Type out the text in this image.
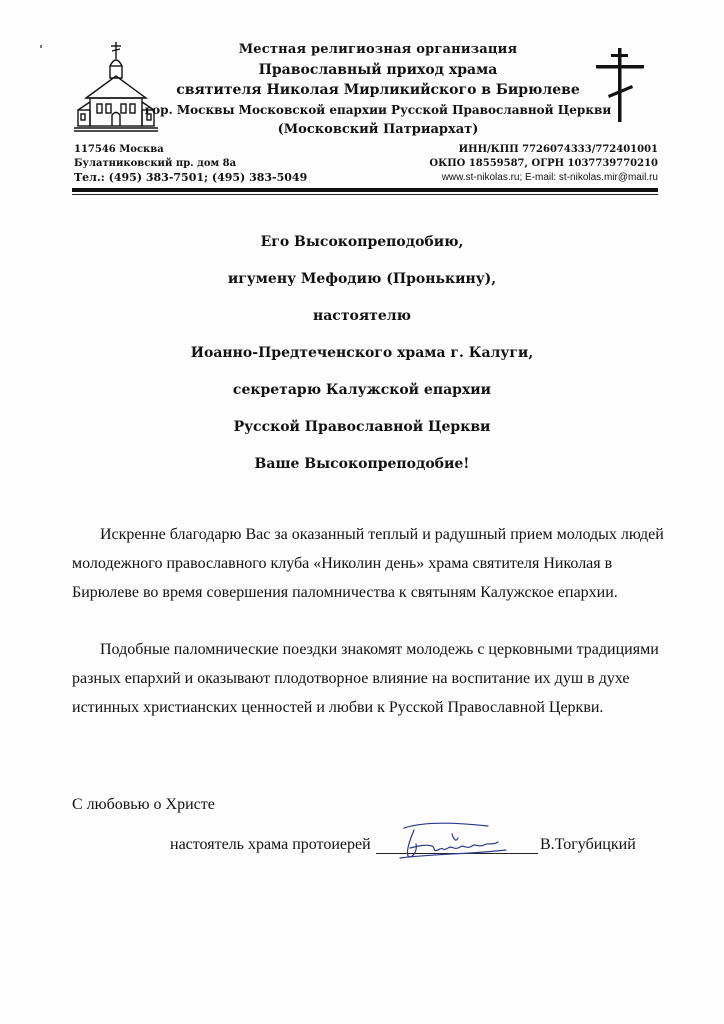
Местная религиозная организация
Православный приход храма
святителя Николая Мирликийского в Бирюлеве
гор. Москвы Московской епархии Русской Православной Церкви
(Московский Патриархат)
117546 Москва
Булатниковский пр. дом 8а
Тел.: (495) 383-7501; (495) 383-5049
ИНН/КПП 7726074333/772401001
ОКПО 18559587, ОГРН 1037739770210
www.st-nikolas.ru; E-mail: st-nikolas.mir@mail.ru
Его Высокопреподобию,
игумену Мефодию (Пронькину),
настоятелю
Иоанно-Предтеченского храма г. Калуги,
секретарю Калужской епархии
Русской Православной Церкви
Ваше Высокопреподобие!

Искренне благодарю Вас за оказанный теплый и радушный прием молодых людей молодежного православного клуба «Николин день» храма святителя Николая в Бирюлеве во время совершения паломничества к святыням Калужское епархии.

Подобные паломнические поездки знакомят молодежь с церковными традициями разных епархий и оказывают плодотворное влияние на воспитание их душ в духе истинных христианских ценностей и любви к Русской Православной Церкви.

С любовью о Христе
настоятель храма протоиерей	В.Тогубицкий
